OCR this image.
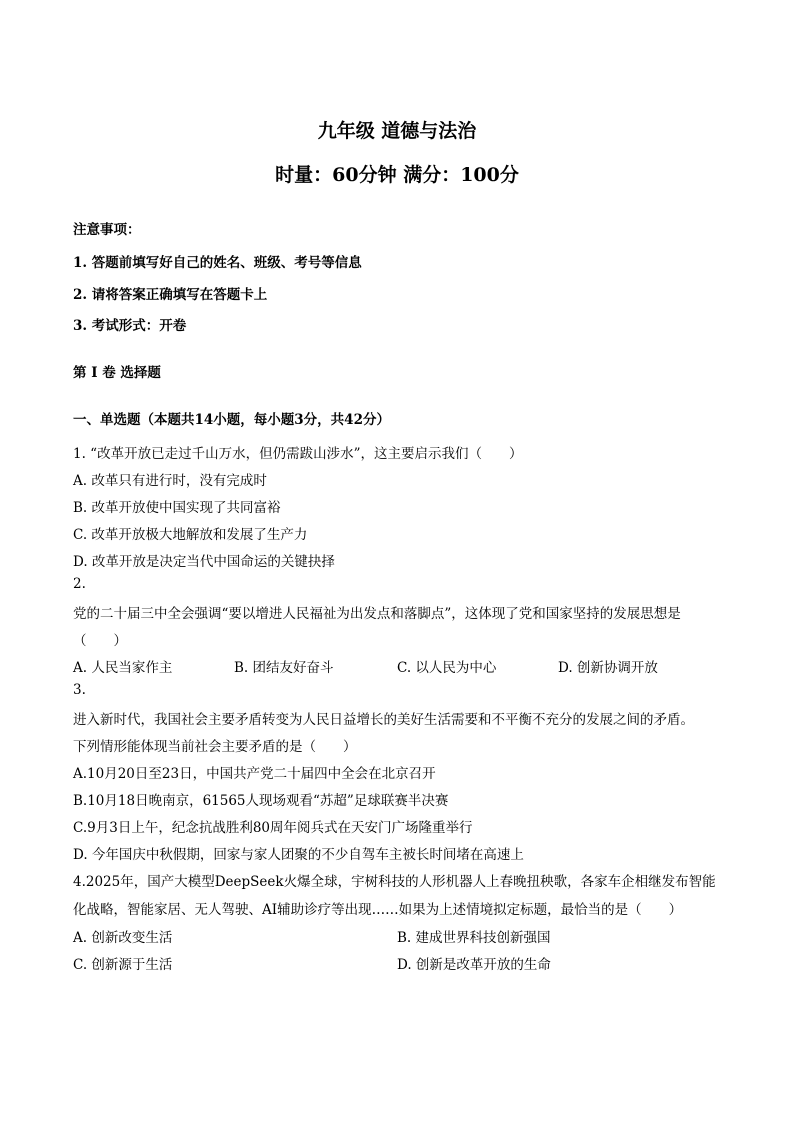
九年级 道德与法治
时量：60分钟 满分：100分
注意事项：
1. 答题前填写好自己的姓名、班级、考号等信息
2. 请将答案正确填写在答题卡上
3. 考试形式：开卷
第 I 卷 选择题
一、单选题（本题共14小题，每小题3分，共42分）
1. “改革开放已走过千山万水，但仍需跋山涉水”，这主要启示我们（　　）
A. 改革只有进行时，没有完成时
B. 改革开放使中国实现了共同富裕
C. 改革开放极大地解放和发展了生产力
D. 改革开放是决定当代中国命运的关键抉择
2.
党的二十届三中全会强调“要以增进人民福祉为出发点和落脚点”，这体现了党和国家坚持的发展思想是
（　　）
A. 人民当家作主	B. 团结友好奋斗	C. 以人民为中心	D. 创新协调开放
3.
进入新时代，我国社会主要矛盾转变为人民日益增长的美好生活需要和不平衡不充分的发展之间的矛盾。
下列情形能体现当前社会主要矛盾的是（　　）
A.10月20日至23日，中国共产党二十届四中全会在北京召开
B.10月18日晚南京，61565人现场观看“苏超”足球联赛半决赛
C.9月3日上午，纪念抗战胜利80周年阅兵式在天安门广场隆重举行
D. 今年国庆中秋假期，回家与家人团聚的不少自驾车主被长时间堵在高速上
4.2025年，国产大模型DeepSeek火爆全球，宇树科技的人形机器人上春晚扭秧歌，各家车企相继发布智能
化战略，智能家居、无人驾驶、AI辅助诊疗等出现……如果为上述情境拟定标题，最恰当的是（　　）
A. 创新改变生活	B. 建成世界科技创新强国
C. 创新源于生活	D. 创新是改革开放的生命
